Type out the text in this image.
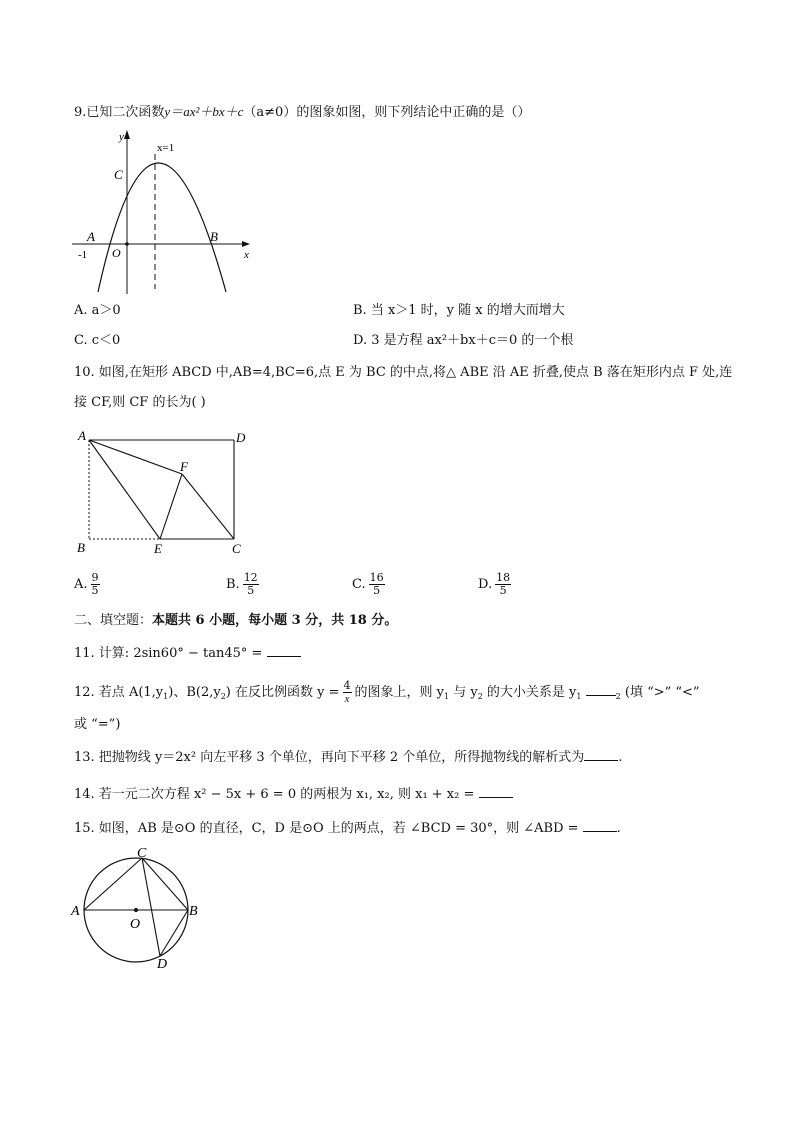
9.已知二次函数y＝ax²＋bx＋c（a≠0）的图象如图，则下列结论中正确的是（）
y
x
x=1
C
A	B
O
-1
A. a＞0	B. 当 x＞1 时，y 随 x 的增大而增大
C. c＜0	D. 3 是方程 ax²＋bx＋c＝0 的一个根
10. 如图,在矩形 ABCD 中,AB=4,BC=6,点 E 为 BC 的中点,将△ ABE 沿 AE 折叠,使点 B 落在矩形内点 F 处,连
接 CF,则 CF 的长为( )
A	D
F
B	E	C
A. $\frac{9}{5}$	B. $\frac{12}{5}$	C. $\frac{16}{5}$	D. $\frac{18}{5}$
二、填空题：本题共 6 小题，每小题 3 分，共 18 分。
11. 计算: 2sin60° − tan45° =
12. 若点 $A(1,y_1)$、$B(2,y_2)$ 在反比例函数 $y = \frac{4}{x}$ 的图象上，则 $y_1$ 与 $y_2$ 的大小关系是 $y_1$	$_2$ (填 “>” “<”
或 “=”)
13. 把抛物线 y＝2x² 向左平移 3 个单位，再向下平移 2 个单位，所得抛物线的解析式为	.
14. 若一元二次方程 x² − 5x + 6 = 0 的两根为 x₁, x₂, 则 x₁ + x₂ =
15. 如图，AB 是⊙O 的直径，C，D 是⊙O 上的两点，若 ∠BCD = 30°，则 ∠ABD =	.
C
A	B
O
D
